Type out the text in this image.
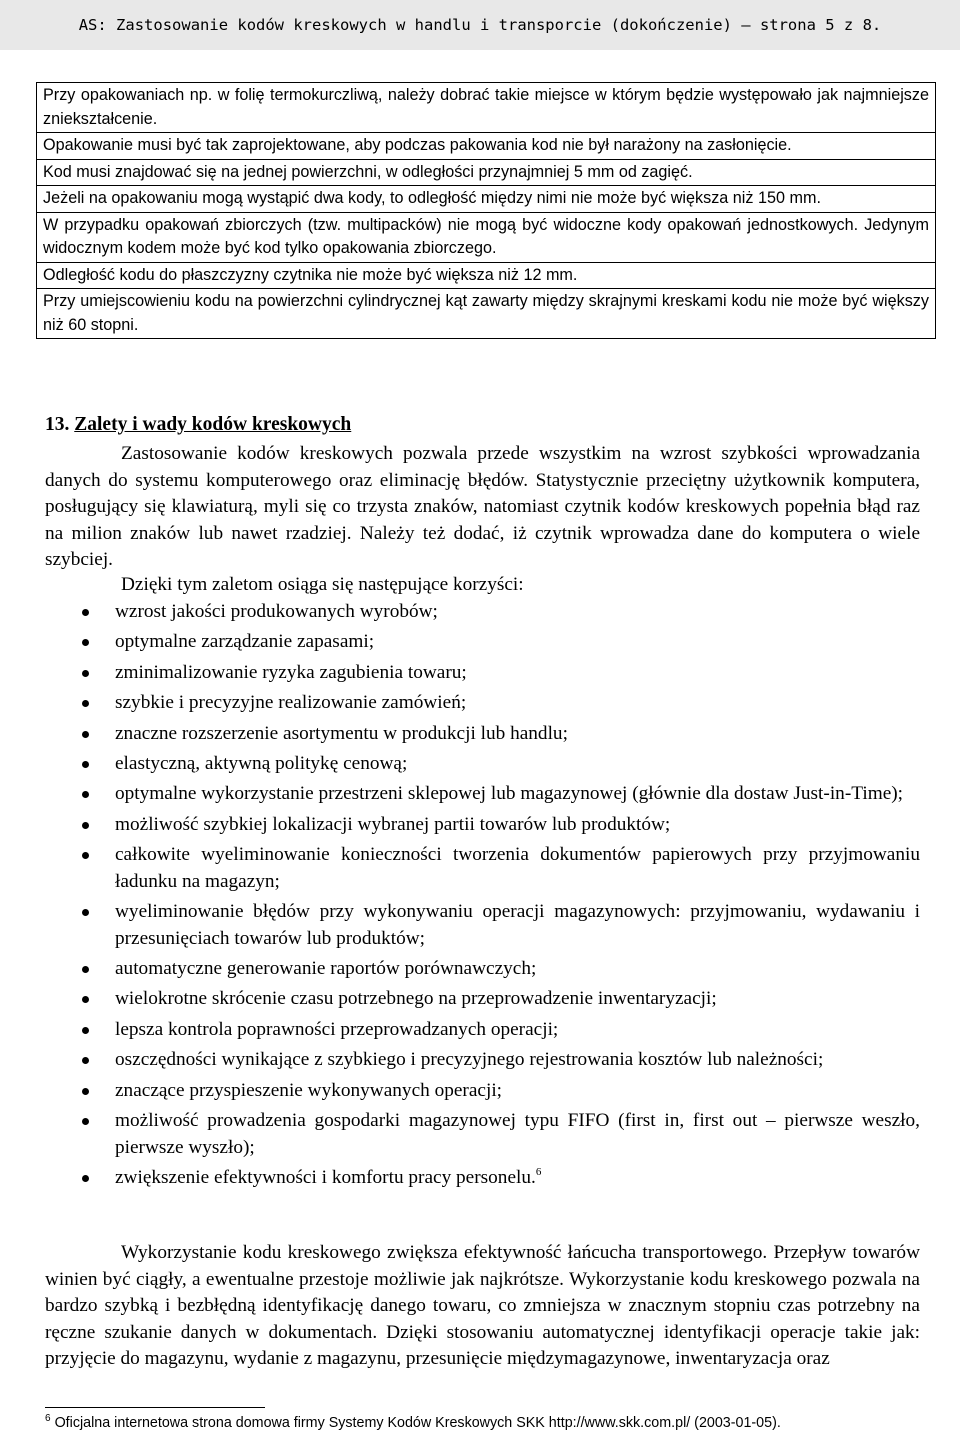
AS: Zastosowanie kodów kreskowych w handlu i transporcie (dokończenie) – strona 5 z 8.
Przy opakowaniach np. w folię termokurczliwą, należy dobrać takie miejsce w którym będzie występowało jak najmniejsze zniekształcenie.
Opakowanie musi być tak zaprojektowane, aby podczas pakowania kod nie był narażony na zasłonięcie.
Kod musi znajdować się na jednej powierzchni, w odległości przynajmniej 5 mm od zagięć.
Jeżeli na opakowaniu mogą wystąpić dwa kody, to odległość między nimi nie może być większa niż 150 mm.
W przypadku opakowań zbiorczych (tzw. multipacków) nie mogą być widoczne kody opakowań jednostkowych. Jedynym widocznym kodem może być kod tylko opakowania zbiorczego.
Odległość kodu do płaszczyzny czytnika nie może być większa niż 12 mm.
Przy umiejscowieniu kodu na powierzchni cylindrycznej kąt zawarty między skrajnymi kreskami kodu nie może być większy niż 60 stopni.
13. Zalety i wady kodów kreskowych
Zastosowanie kodów kreskowych pozwala przede wszystkim na wzrost szybkości wprowadzania danych do systemu komputerowego oraz eliminację błędów. Statystycznie przeciętny użytkownik komputera, posługujący się klawiaturą, myli się co trzysta znaków, natomiast czytnik kodów kreskowych popełnia błąd raz na milion znaków lub nawet rzadziej. Należy też dodać, iż czytnik wprowadza dane do komputera o wiele szybciej.
Dzięki tym zaletom osiąga się następujące korzyści:
wzrost jakości produkowanych wyrobów;
optymalne zarządzanie zapasami;
zminimalizowanie ryzyka zagubienia towaru;
szybkie i precyzyjne realizowanie zamówień;
znaczne rozszerzenie asortymentu w produkcji lub handlu;
elastyczną, aktywną politykę cenową;
optymalne wykorzystanie przestrzeni sklepowej lub magazynowej (głównie dla dostaw Just-in-Time);
możliwość szybkiej lokalizacji wybranej partii towarów lub produktów;
całkowite wyeliminowanie konieczności tworzenia dokumentów papierowych przy przyjmowaniu ładunku na magazyn;
wyeliminowanie błędów przy wykonywaniu operacji magazynowych: przyjmowaniu, wydawaniu i przesunięciach towarów lub produktów;
automatyczne generowanie raportów porównawczych;
wielokrotne skrócenie czasu potrzebnego na przeprowadzenie inwentaryzacji;
lepsza kontrola poprawności przeprowadzanych operacji;
oszczędności wynikające z szybkiego i precyzyjnego rejestrowania kosztów lub należności;
znaczące przyspieszenie wykonywanych operacji;
możliwość prowadzenia gospodarki magazynowej typu FIFO (first in, first out – pierwsze weszło, pierwsze wyszło);
zwiększenie efektywności i komfortu pracy personelu.$^6$
Wykorzystanie kodu kreskowego zwiększa efektywność łańcucha transportowego. Przepływ towarów winien być ciągły, a ewentualne przestoje możliwie jak najkrótsze. Wykorzystanie kodu kreskowego pozwala na bardzo szybką i bezbłędną identyfikację danego towaru, co zmniejsza w znacznym stopniu czas potrzebny na ręczne szukanie danych w dokumentach. Dzięki stosowaniu automatycznej identyfikacji operacje takie jak: przyjęcie do magazynu, wydanie z magazynu, przesunięcie międzymagazynowe, inwentaryzacja oraz
$^6$ Oficjalna internetowa strona domowa firmy Systemy Kodów Kreskowych SKK http://www.skk.com.pl/ (2003-01-05).
